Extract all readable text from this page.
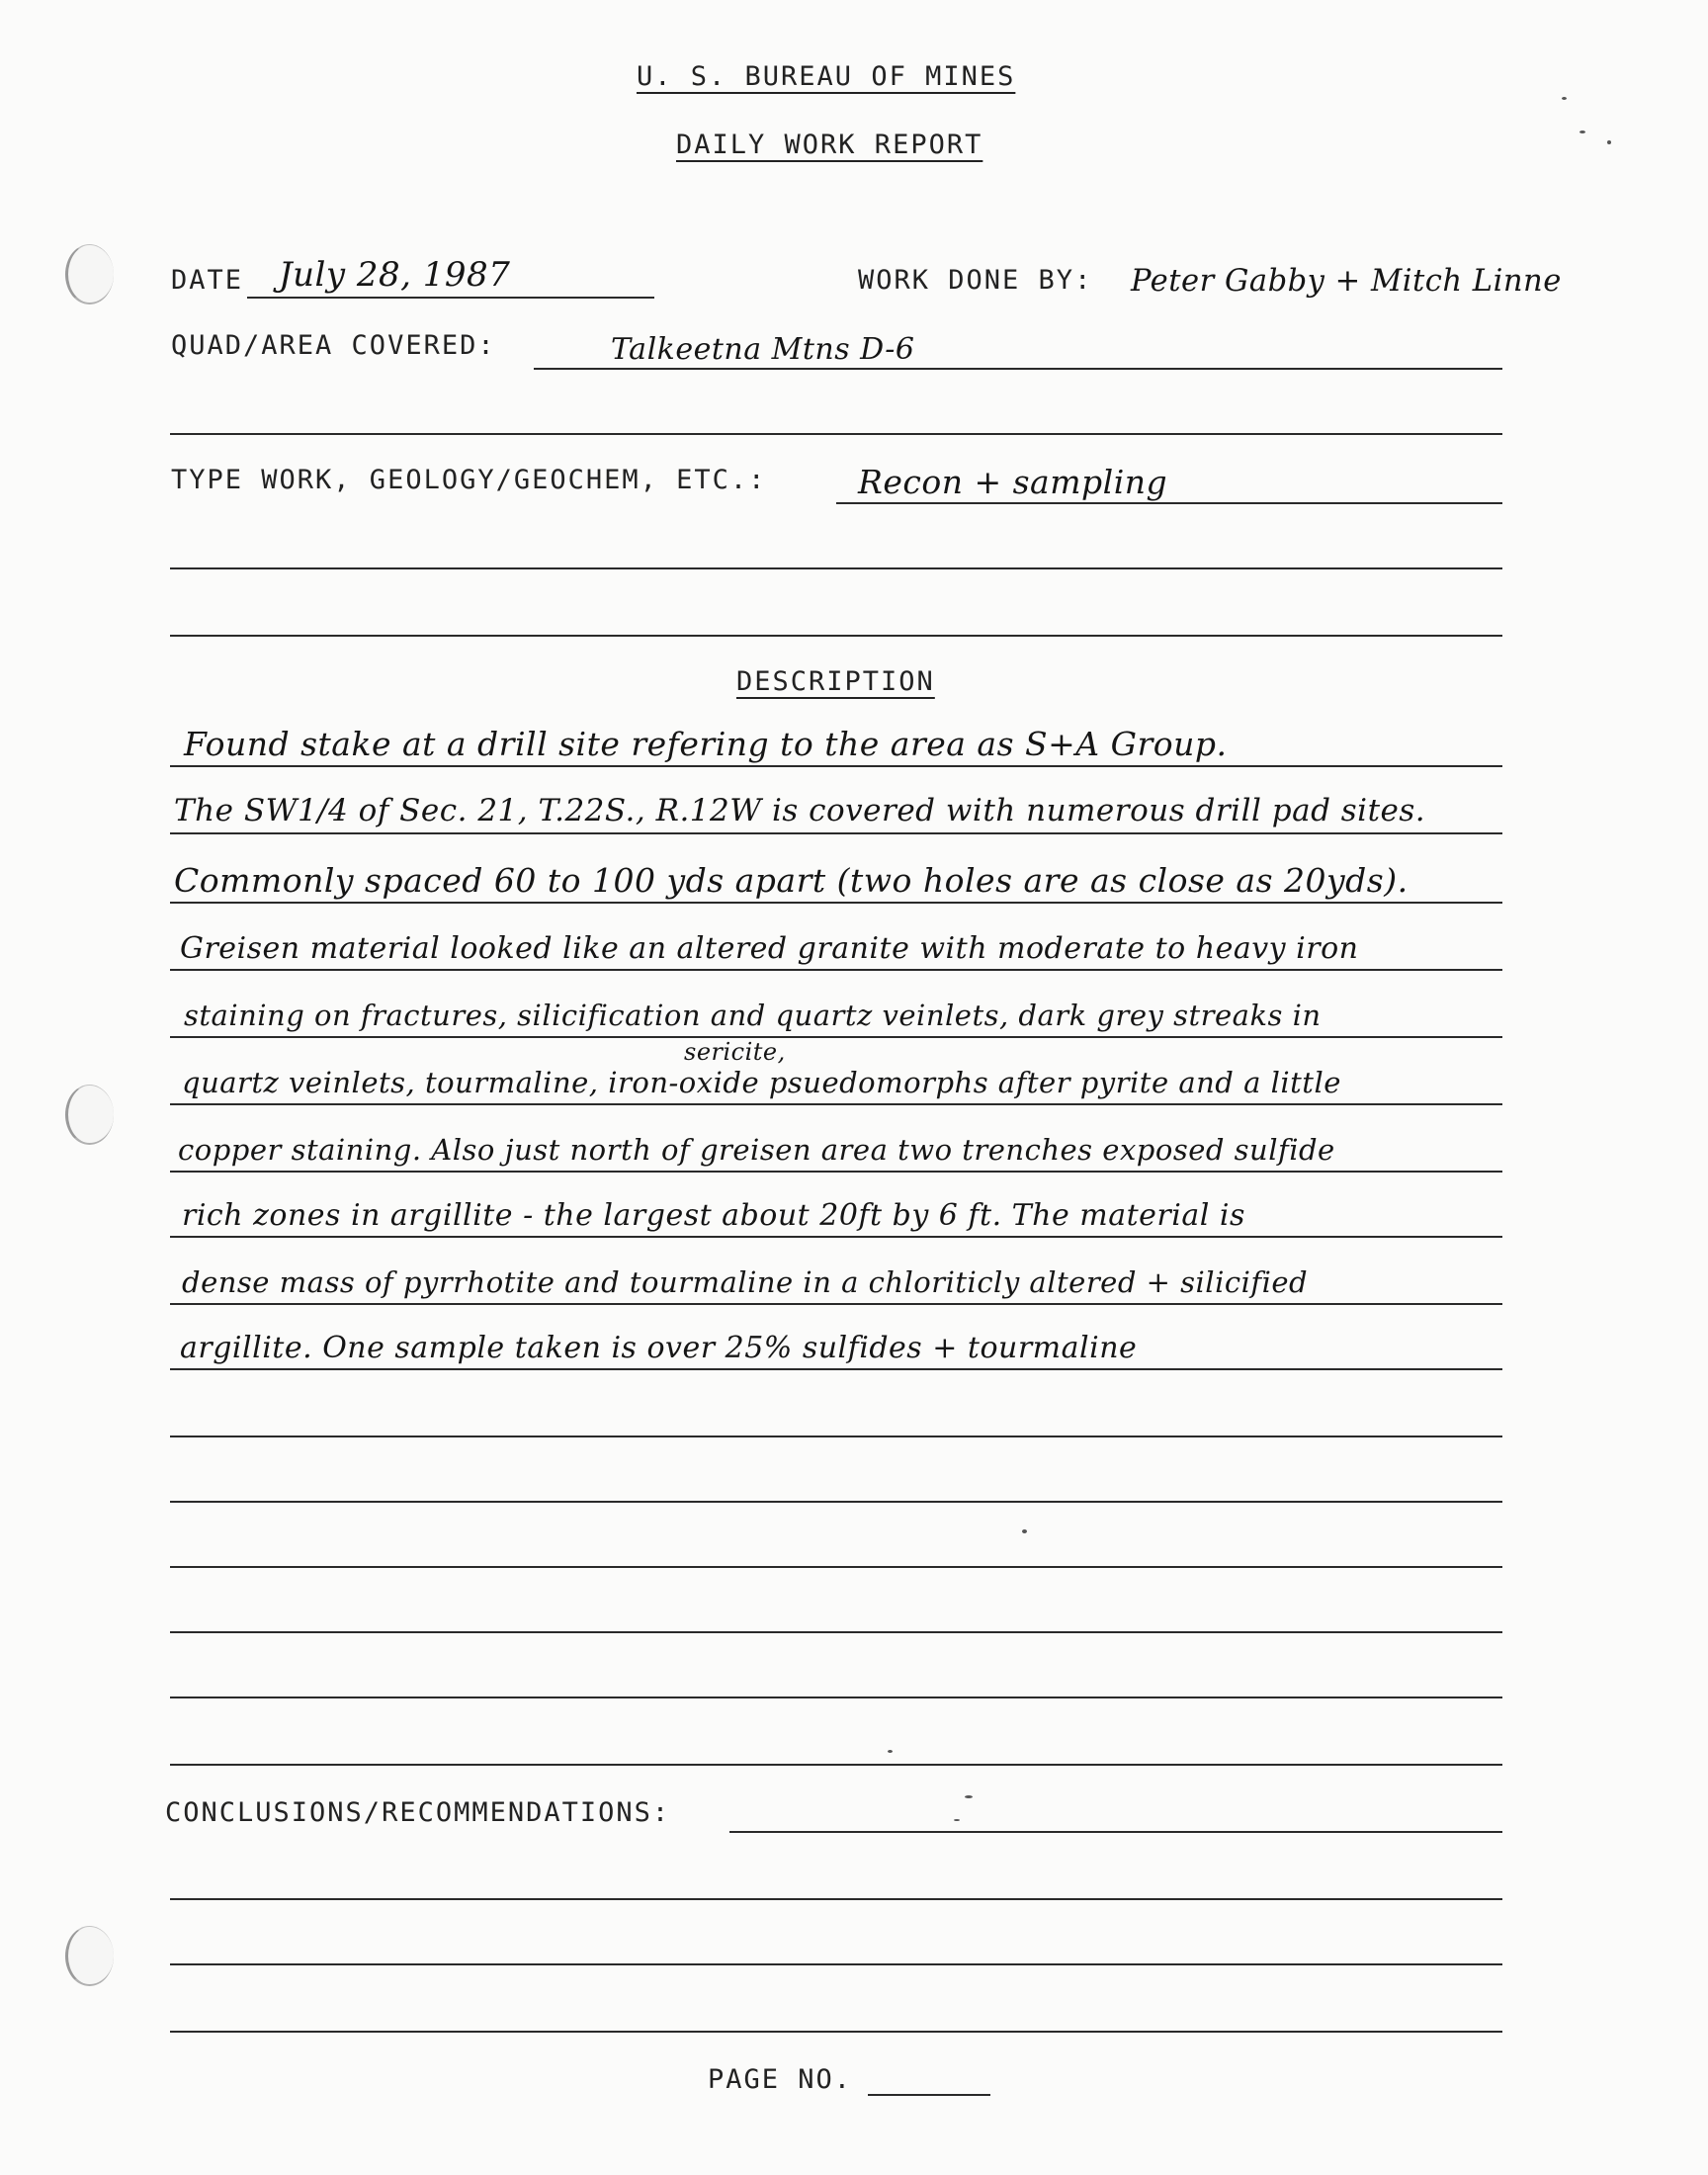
U. S. BUREAU OF MINES
DAILY WORK REPORT
DATE July 28, 1987	WORK DONE BY: Peter Gabby + Mitch Linne
QUAD/AREA COVERED:	Talkeetna Mtns D-6
TYPE WORK, GEOLOGY/GEOCHEM, ETC.:	Recon + sampling
DESCRIPTION
Found stake at a drill site refering to the area as S+A Group.
The SW1/4 of Sec. 21, T.22S., R.12W is covered with numerous drill pad sites.
Commonly spaced 60 to 100 yds apart (two holes are as close as 20yds).
Greisen material looked like an altered granite with moderate to heavy iron
staining on fractures, silicification and quartz veinlets, dark grey streaks in
sericite,
quartz veinlets, tourmaline, iron-oxide psuedomorphs after pyrite and a little
copper staining. Also just north of greisen area two trenches exposed sulfide
rich zones in argillite - the largest about 20ft by 6 ft. The material is
dense mass of pyrrhotite and tourmaline in a chloriticly altered + silicified
argillite. One sample taken is over 25% sulfides + tourmaline
CONCLUSIONS/RECOMMENDATIONS:
PAGE NO.
